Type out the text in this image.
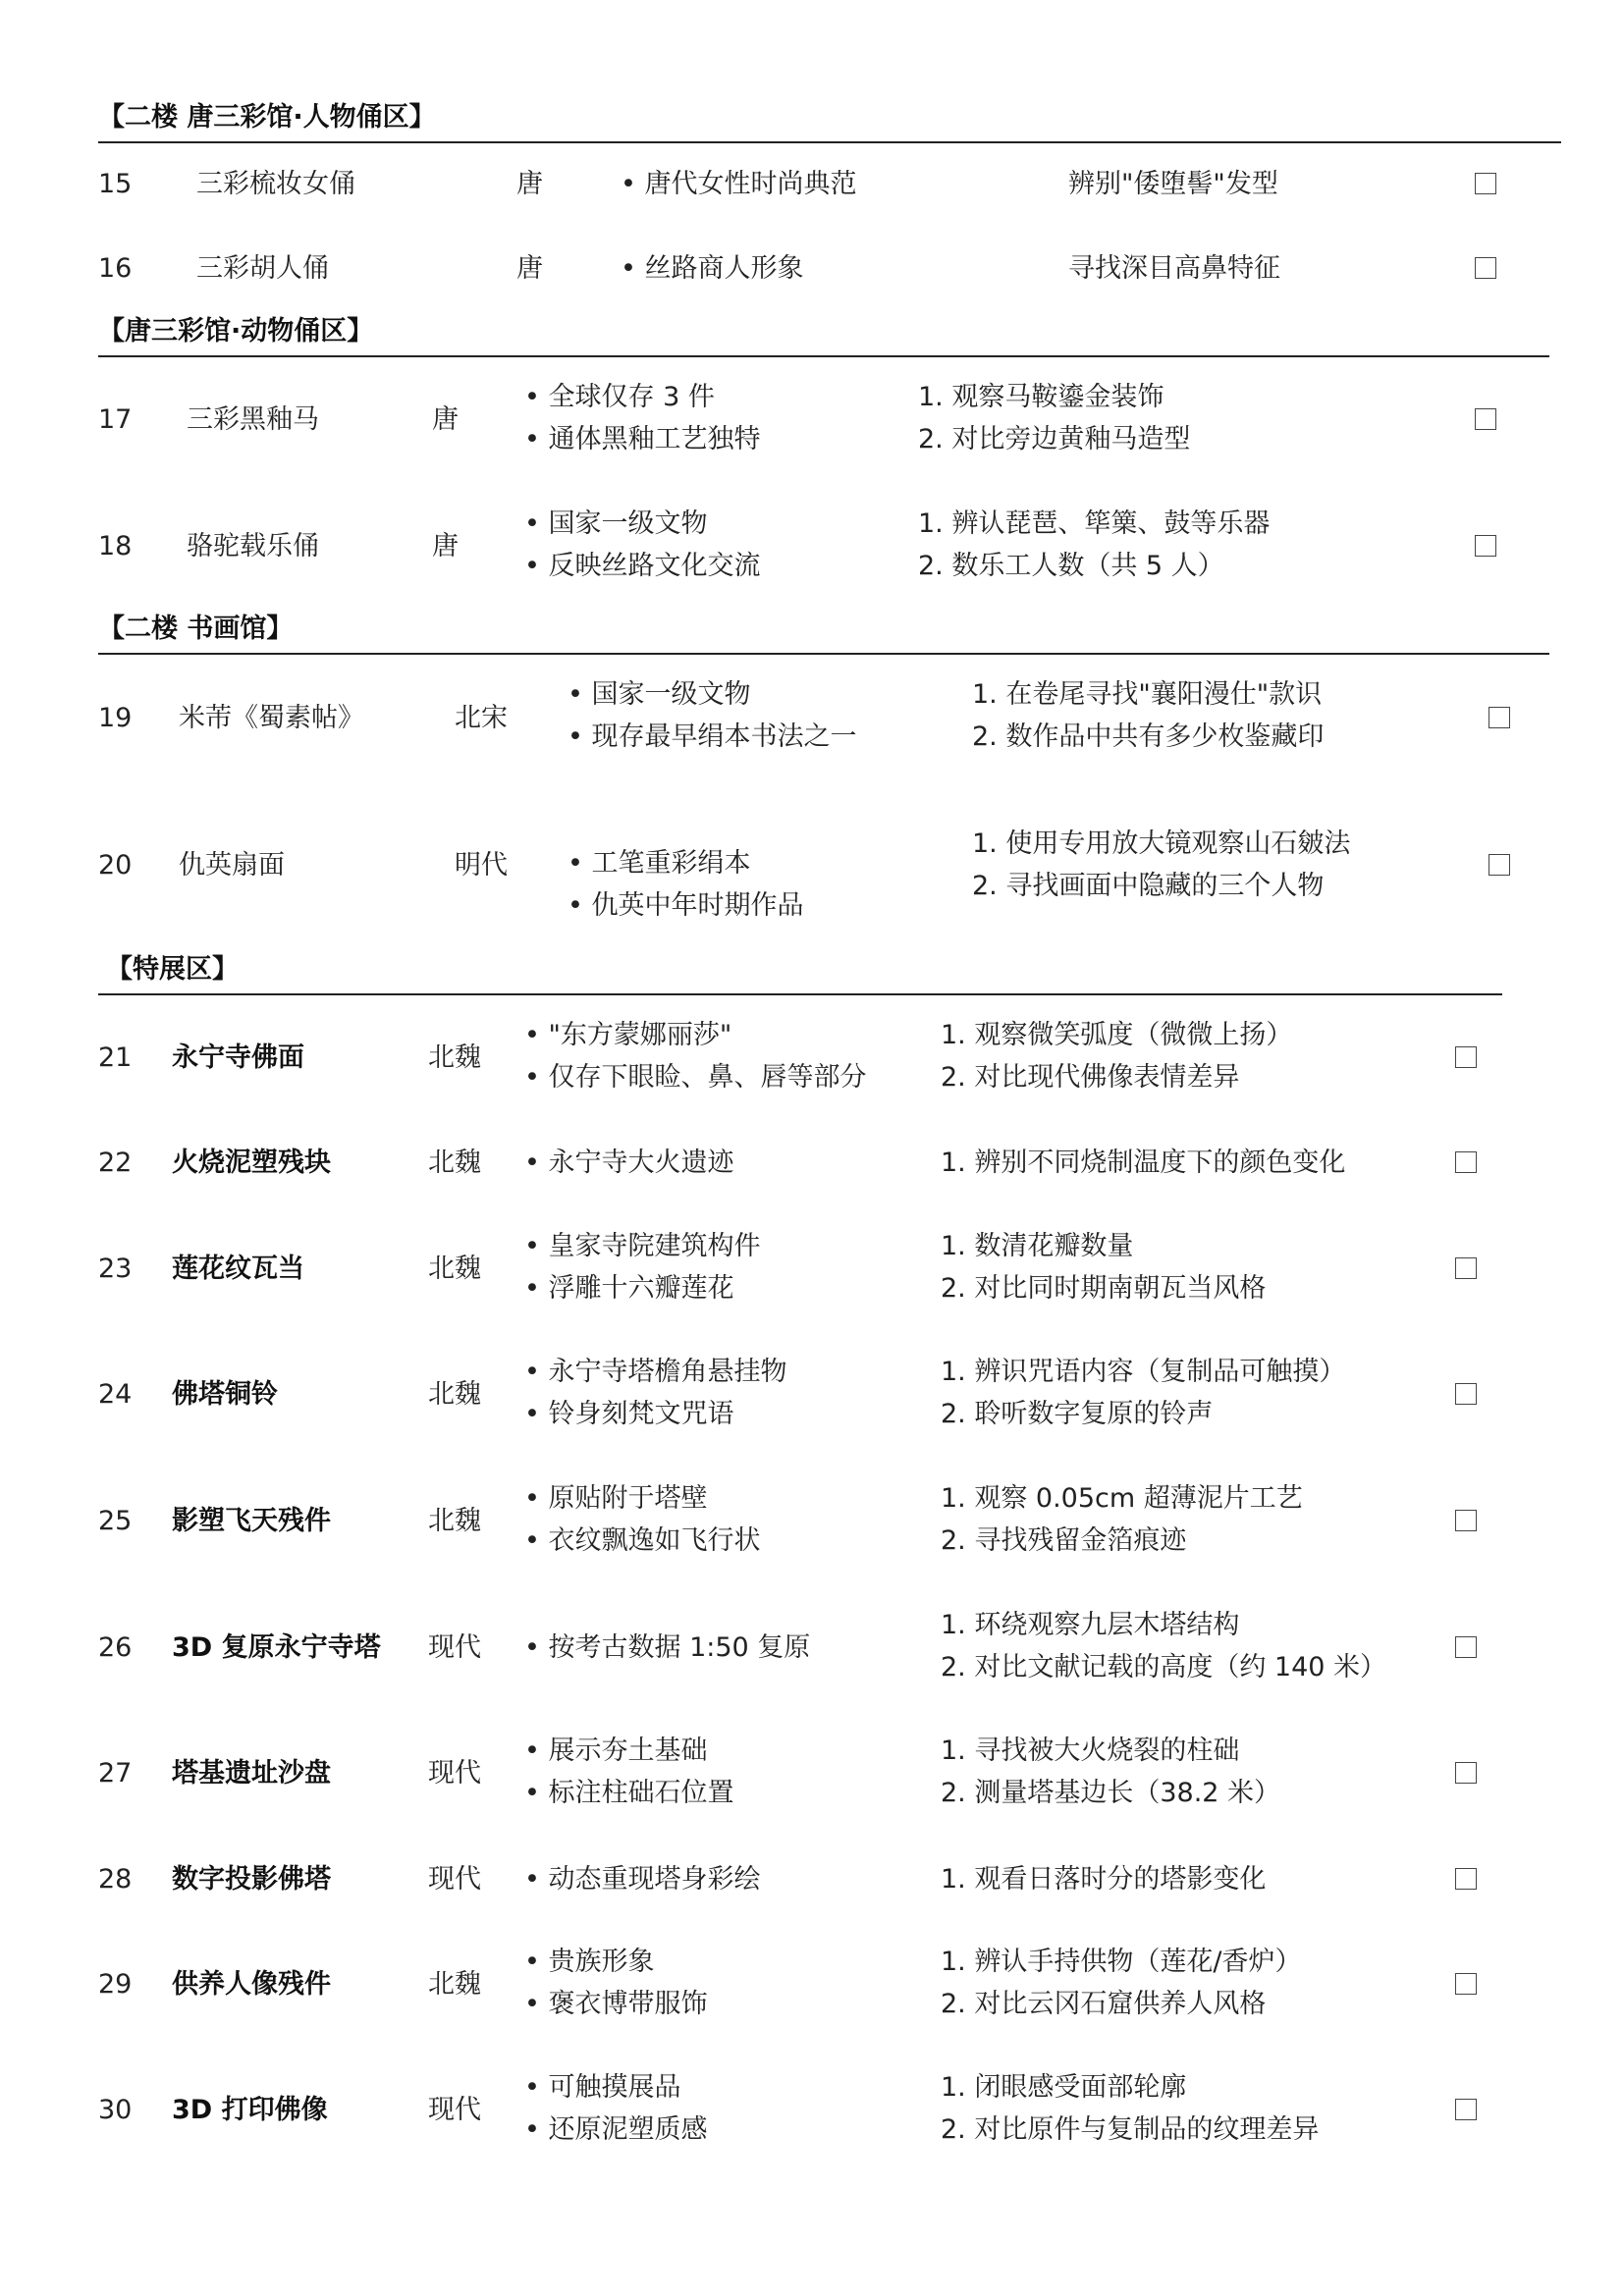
【二楼 唐三彩馆·人物俑区】
15 三彩梳妆女俑	唐	• 唐代女性时尚典范	辨别"倭堕髻"发型
16 三彩胡人俑	唐	• 丝路商人形象	寻找深目高鼻特征
【唐三彩馆·动物俑区】
17 三彩黑釉马	唐
• 全球仅存 3 件
• 通体黑釉工艺独特
1. 观察马鞍鎏金装饰
2. 对比旁边黄釉马造型
18 骆驼载乐俑	唐
• 国家一级文物
• 反映丝路文化交流
1. 辨认琵琶、筚篥、鼓等乐器
2. 数乐工人数（共 5 人）
【二楼 书画馆】
19 米芾《蜀素帖》	北宋
• 国家一级文物
• 现存最早绢本书法之一
1. 在卷尾寻找"襄阳漫仕"款识
2. 数作品中共有多少枚鉴藏印
20 仇英扇面	明代 • 工笔重彩绢本
• 仇英中年时期作品
1. 使用专用放大镜观察山石皴法
2. 寻找画面中隐藏的三个人物
【特展区】
21 永宁寺佛面	北魏
• "东方蒙娜丽莎"
• 仅存下眼睑、鼻、唇等部分
1. 观察微笑弧度（微微上扬）
2. 对比现代佛像表情差异
22 火烧泥塑残块	北魏 • 永宁寺大火遗迹	1. 辨别不同烧制温度下的颜色变化
23 莲花纹瓦当	北魏
• 皇家寺院建筑构件
• 浮雕十六瓣莲花
1. 数清花瓣数量
2. 对比同时期南朝瓦当风格
24 佛塔铜铃	北魏
• 永宁寺塔檐角悬挂物
• 铃身刻梵文咒语
1. 辨识咒语内容（复制品可触摸）
2. 聆听数字复原的铃声
25 影塑飞天残件	北魏
• 原贴附于塔壁
• 衣纹飘逸如飞行状
1. 观察 0.05cm 超薄泥片工艺
2. 寻找残留金箔痕迹
26 3D 复原永宁寺塔 现代 • 按考古数据 1:50 复原
1. 环绕观察九层木塔结构
2. 对比文献记载的高度（约 140 米）
27 塔基遗址沙盘	现代
• 展示夯土基础
• 标注柱础石位置
1. 寻找被大火烧裂的柱础
2. 测量塔基边长（38.2 米）
28 数字投影佛塔	现代 • 动态重现塔身彩绘	1. 观看日落时分的塔影变化
29 供养人像残件	北魏
• 贵族形象
• 褒衣博带服饰
1. 辨认手持供物（莲花/香炉）
2. 对比云冈石窟供养人风格
30 3D 打印佛像	现代
• 可触摸展品
• 还原泥塑质感
1. 闭眼感受面部轮廓
2. 对比原件与复制品的纹理差异
